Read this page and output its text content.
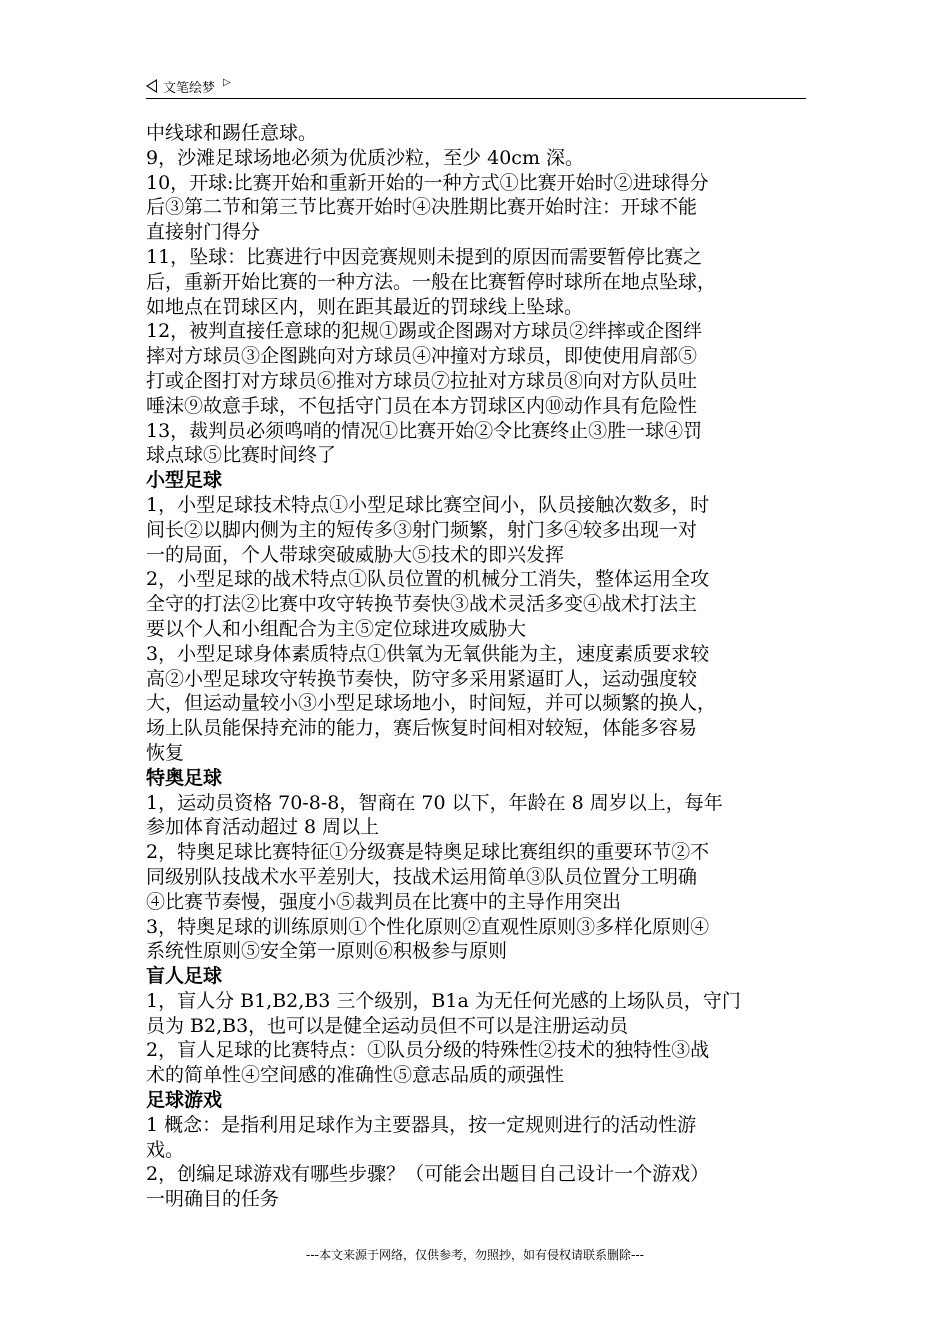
文笔绘梦 ▷

中线球和踢任意球。

9，沙滩足球场地必须为优质沙粒，至少 40cm 深。

10，开球:比赛开始和重新开始的一种方式①比赛开始时②进球得分

后③第二节和第三节比赛开始时④决胜期比赛开始时注：开球不能

直接射门得分

11，坠球：比赛进行中因竞赛规则未提到的原因而需要暂停比赛之

后，重新开始比赛的一种方法。一般在比赛暂停时球所在地点坠球，

如地点在罚球区内，则在距其最近的罚球线上坠球。

12，被判直接任意球的犯规①踢或企图踢对方球员②绊摔或企图绊

摔对方球员③企图跳向对方球员④冲撞对方球员，即使使用肩部⑤

打或企图打对方球员⑥推对方球员⑦拉扯对方球员⑧向对方队员吐

唾沫⑨故意手球，不包括守门员在本方罚球区内⑩动作具有危险性

13，裁判员必须鸣哨的情况①比赛开始②令比赛终止③胜一球④罚

球点球⑤比赛时间终了

小型足球

1，小型足球技术特点①小型足球比赛空间小，队员接触次数多，时

间长②以脚内侧为主的短传多③射门频繁，射门多④较多出现一对

一的局面，个人带球突破威胁大⑤技术的即兴发挥

2，小型足球的战术特点①队员位置的机械分工消失，整体运用全攻

全守的打法②比赛中攻守转换节奏快③战术灵活多变④战术打法主

要以个人和小组配合为主⑤定位球进攻威胁大

3，小型足球身体素质特点①供氧为无氧供能为主，速度素质要求较

高②小型足球攻守转换节奏快，防守多采用紧逼盯人，运动强度较

大，但运动量较小③小型足球场地小，时间短，并可以频繁的换人，

场上队员能保持充沛的能力，赛后恢复时间相对较短，体能多容易

恢复

特奥足球

1，运动员资格 70-8-8，智商在 70 以下，年龄在 8 周岁以上，每年

参加体育活动超过 8 周以上

2，特奥足球比赛特征①分级赛是特奥足球比赛组织的重要环节②不

同级别队技战术水平差别大，技战术运用简单③队员位置分工明确

④比赛节奏慢，强度小⑤裁判员在比赛中的主导作用突出

3，特奥足球的训练原则①个性化原则②直观性原则③多样化原则④

系统性原则⑤安全第一原则⑥积极参与原则

盲人足球

1，盲人分 B1,B2,B3 三个级别，B1a 为无任何光感的上场队员，守门

员为 B2,B3，也可以是健全运动员但不可以是注册运动员

2，盲人足球的比赛特点：①队员分级的特殊性②技术的独特性③战

术的简单性④空间感的准确性⑤意志品质的顽强性

足球游戏

1 概念：是指利用足球作为主要器具，按一定规则进行的活动性游

戏。

2，创编足球游戏有哪些步骤？（可能会出题目自己设计一个游戏）

一明确目的任务

---本文来源于网络，仅供参考，勿照抄，如有侵权请联系删除---
